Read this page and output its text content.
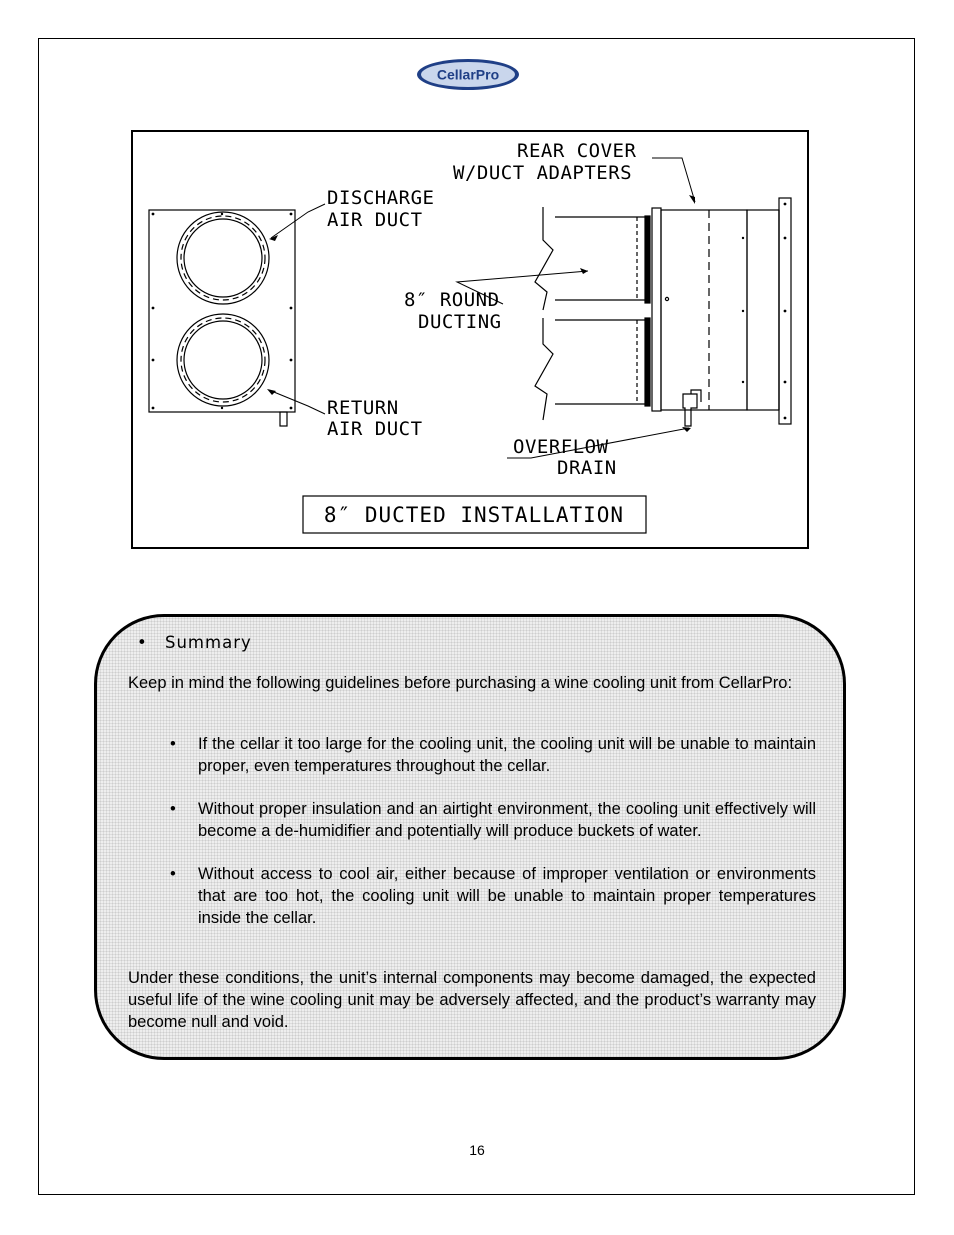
CellarPro
REAR COVER
W/DUCT ADAPTERS
DISCHARGE
AIR DUCT
8″ ROUND
DUCTING
RETURN
AIR DUCT
OVERFLOW
DRAIN
8″ DUCTED INSTALLATION
• Summary
Keep in mind the following guidelines before purchasing a wine cooling unit from CellarPro:
• If the cellar it too large for the cooling unit, the cooling unit will be unable to maintain proper, even temperatures throughout the cellar.
• Without proper insulation and an airtight environment, the cooling unit effectively will become a de-humidifier and potentially will produce buckets of water.
• Without access to cool air, either because of improper ventilation or environments that are too hot, the cooling unit will be unable to maintain proper temperatures inside the cellar.
Under these conditions, the unit’s internal components may become damaged, the expected useful life of the wine cooling unit may be adversely affected, and the product’s warranty may become null and void.
16
